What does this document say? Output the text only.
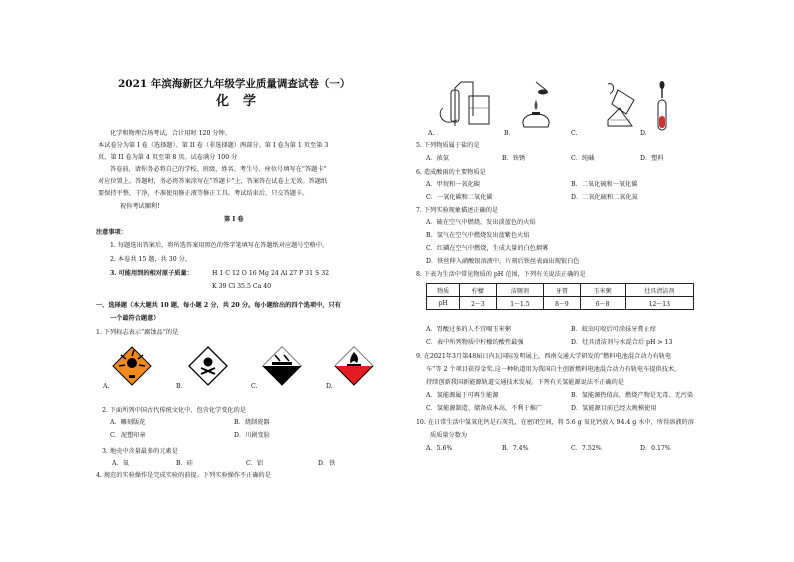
2021 年滨海新区九年级学业质量调查试卷（一）
化学
化学和物理合场考试，合计用时 120 分钟。
本试卷分为第 I 卷（选择题）、第 II 卷（非选择题）两部分。第 I 卷为第 1 页至第 3
页，第 II 卷为第 4 页至第 8 页。试卷满分 100 分
答卷前，请你务必将自己的学校、班级、姓名、考生号、座位号填写在“答题卡”
对应位置上。答题时，务必将答案涂写在“答题卡”上，答案答在试卷上无效。答题纸
要保持平整，干净，不准使用修正液等修正工具。考试结束后，只交答题卡。
祝你考试顺利!
第 I 卷
注意事项：
1. 每题选出答案后，将所选答案用黑色的签字笔填写在答题纸对应题号空格中。
2. 本卷共 15 题，共 30 分。
3. 可能用到的相对原子质量：	H 1 C 12 O 16 Mg 24 Al 27 P 31 S 32
K 39 Cl 35.5 Ca 40
一、选择题（本大题共 10 题，每小题 2 分，共 20 分。每小题给出的四个选项中，只有
一个最符合题意）
1. 下列标志表示“腐蚀品”的是
A.	B.	C.	D.
2. 下面所列中国古代传统文化中，包含化学变化的是
A．雕刻版花	B．烧制瓷器
C．泥塑印章	D．川剧变脸
3. 地壳中含量最多的元素是
A．氧	B．硅	C．铝	D．铁
4. 规范的实验操作是完成实验的前提。下列实验操作不正确的是
A.	B.	C.	D.
5. 下列物质属于盐的是
A．浓氨	B．铁锈	C．纯碱	D．塑料
6. 造成酸雨的主要物质是
A．甲烷和一氧化碳	B．二氧化硫和一氧化碳
C．一氧化碳和二氧化碳	D．二氧化硫和二氧化氮
7. 下列实验现象描述正确的是
A．硫在空气中燃烧，发出淡蓝色的火焰
B．氢气在空气中燃烧发出蓝紫色火焰
C．红磷在空气中燃烧，生成大量的白色烟雾
D．铁丝伸入硝酸银溶液中，片刻后铁丝表面出现银白色
8. 下表为生活中常见物质的 pH 范围，下列有关说法正确的是
物质	柠檬	洁厕剂	牙膏	玉米粥	灶具清洁剂
pH	2～3	1～1.5	8～9	6～8	12～13
A．胃酸过多的人不宜喝玉米粥	B．蚊虫叮咬后可涂抹牙膏止痒
C．表中所列物质中柠檬的酸性最强	D．灶具清洁剂与水混合后 pH > 13
9. 在2021年3月第48届日内瓦国际发明展上，西南交通大学研发的“燃料电池混合动力有轨电
车”等 2 个项目获得金奖.这一种轨道用为我国自主创新燃料电池混合动力有轨电车提供技术,
持续创新我国新能源轨道交通技术发展。下列有关氢能源说法不正确的是
A．氢能源属于可再生能源	B．氢能源热值高，燃烧产物是无毒、无污染
C．氢能源制造、储备成本高，不利于推广	D．氢能源目前已经大规模使用
10. 在日常生活中氢氧化钙是石灰乳，在密闭空间，将 5.6 g 氧化钙放入 94.4 g 水中，所得溶液的溶
质质量分数为
A．5.6%	B．7.4%	C．7.52%	D．0.17%
